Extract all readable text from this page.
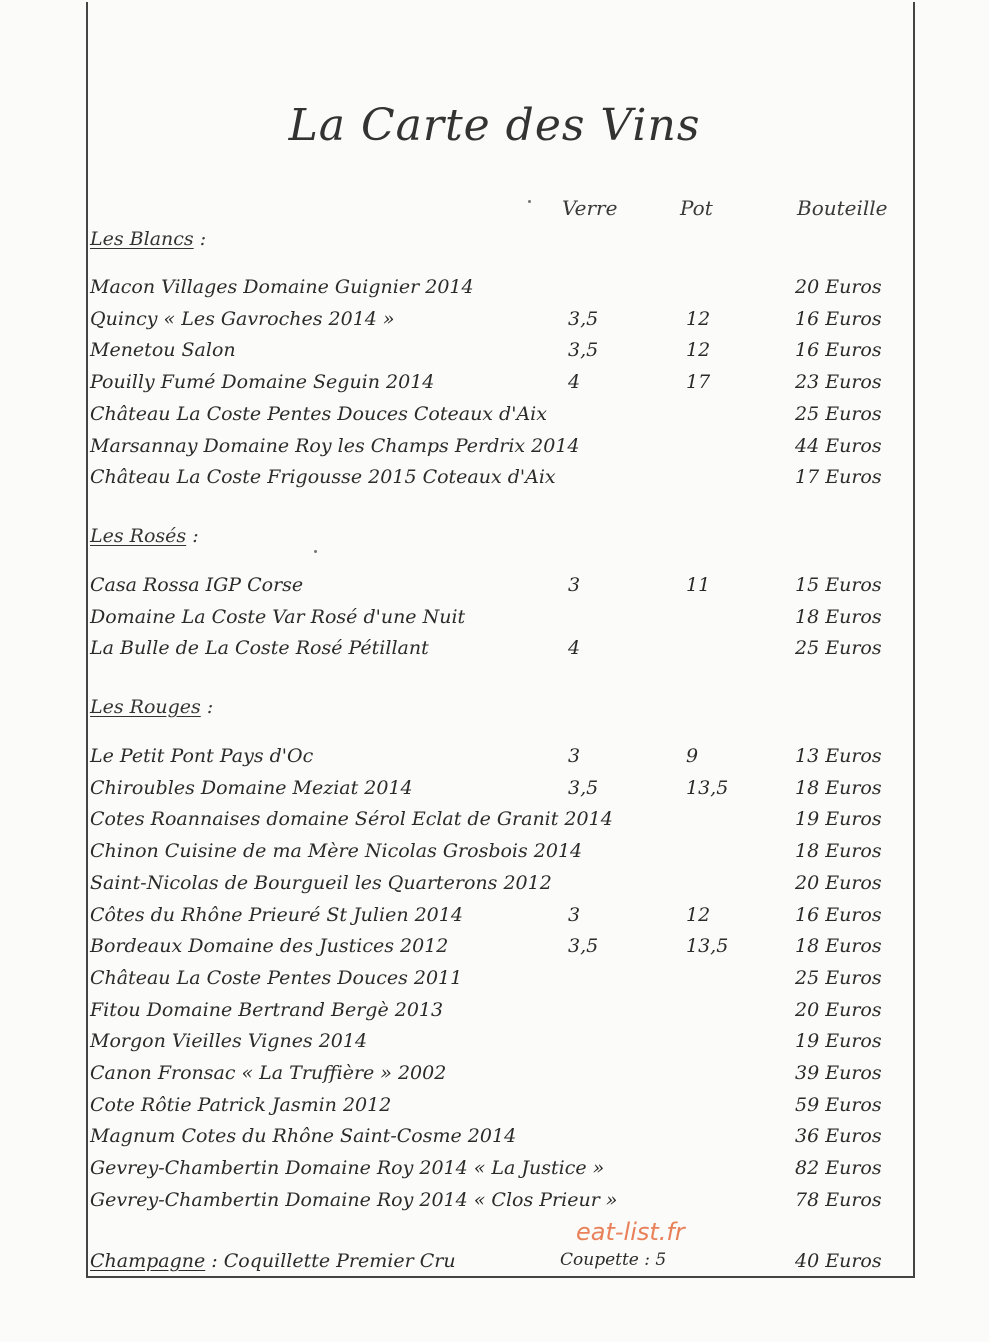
La Carte des Vins
Verre	Pot	Bouteille
Les Blancs :
Macon Villages Domaine Guignier 2014	20 Euros
Quincy « Les Gavroches 2014 »	3,5	12	16 Euros
Menetou Salon	3,5	12	16 Euros
Pouilly Fumé Domaine Seguin 2014	4	17	23 Euros
Château La Coste Pentes Douces Coteaux d'Aix	25 Euros
Marsannay Domaine Roy les Champs Perdrix 2014	44 Euros
Château La Coste Frigousse 2015 Coteaux d'Aix	17 Euros
Les Rosés :
Casa Rossa IGP Corse	3	11	15 Euros
Domaine La Coste Var Rosé d'une Nuit	18 Euros
La Bulle de La Coste Rosé Pétillant	4	25 Euros
Les Rouges :
Le Petit Pont Pays d'Oc	3	9	13 Euros
Chiroubles Domaine Meziat 2014	3,5	13,5	18 Euros
Cotes Roannaises domaine Sérol Eclat de Granit 2014	19 Euros
Chinon Cuisine de ma Mère Nicolas Grosbois 2014	18 Euros
Saint-Nicolas de Bourgueil les Quarterons 2012	20 Euros
Côtes du Rhône Prieuré St Julien 2014	3	12	16 Euros
Bordeaux Domaine des Justices 2012	3,5	13,5	18 Euros
Château La Coste Pentes Douces 2011	25 Euros
Fitou Domaine Bertrand Bergè 2013	20 Euros
Morgon Vieilles Vignes 2014	19 Euros
Canon Fronsac « La Truffière » 2002	39 Euros
Cote Rôtie Patrick Jasmin 2012	59 Euros
Magnum Cotes du Rhône Saint-Cosme 2014	36 Euros
Gevrey-Chambertin Domaine Roy 2014 « La Justice »	82 Euros
Gevrey-Chambertin Domaine Roy 2014 « Clos Prieur »	78 Euros
Champagne : Coquillette Premier Cru	Coupette : 5	40 Euros
eat-list.fr
